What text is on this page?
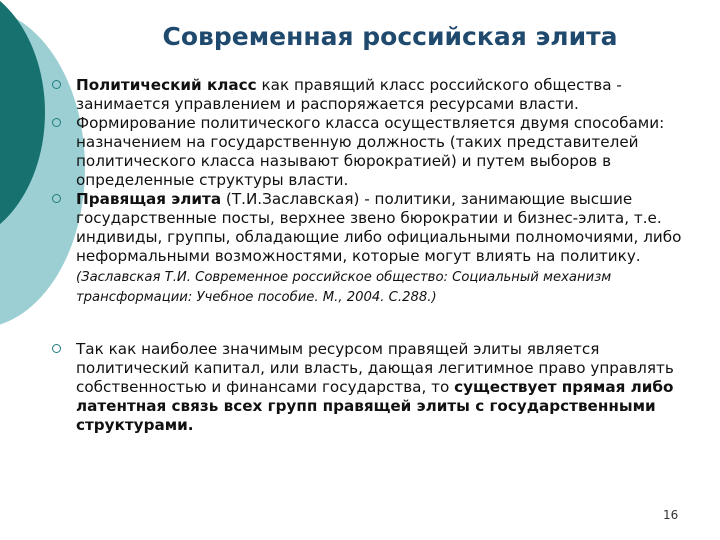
Современная российская элита
Политический класс как правящий класс российского общества - занимается управлением и распоряжается ресурсами власти.
Формирование политического класса осуществляется двумя способами: назначением на государственную должность (таких представителей политического класса называют бюрократией) и путем выборов в определенные структуры власти.
Правящая элита (Т.И.Заславская) - политики, занимающие высшие государственные посты, верхнее звено бюрократии и бизнес-элита, т.е. индивиды, группы, обладающие либо официальными полномочиями, либо неформальными возможностями, которые могут влиять на политику. (Заславская Т.И. Современное российское общество: Социальный механизм трансформации: Учебное пособие. М., 2004. С.288.)
Так как наиболее значимым ресурсом правящей элиты является политический капитал, или власть, дающая легитимное право управлять собственностью и финансами государства, то существует прямая либо латентная связь всех групп правящей элиты с государственными структурами.
16
